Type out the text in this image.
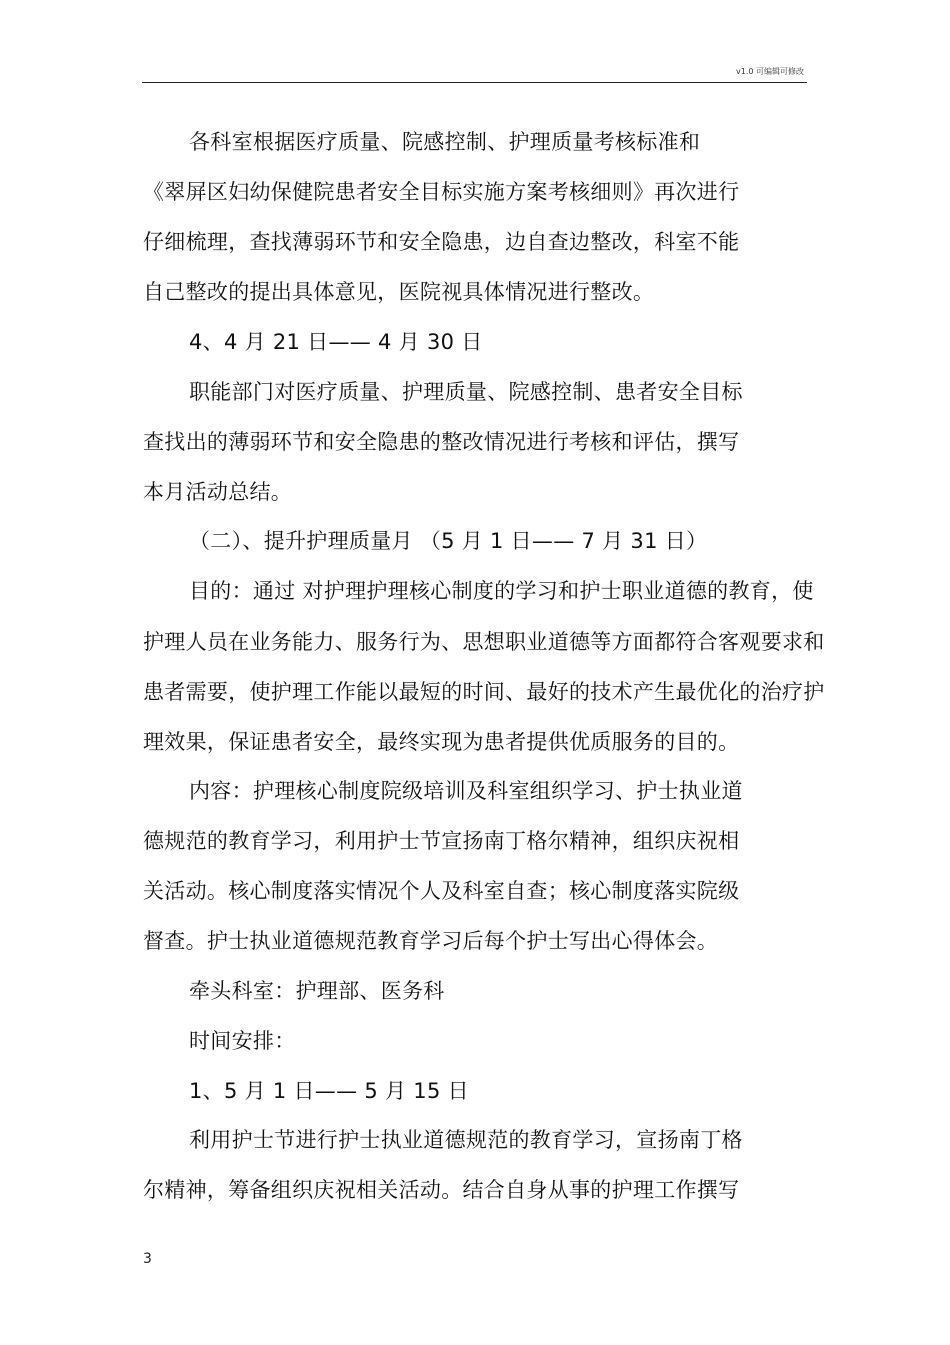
v1.0 可编辑可修改
各科室根据医疗质量、院感控制、护理质量考核标准和
《翠屏区妇幼保健院患者安全目标实施方案考核细则》再次进行
仔细梳理，查找薄弱环节和安全隐患，边自查边整改，科室不能
自己整改的提出具体意见，医院视具体情况进行整改。
4、4 月 21 日—— 4 月 30 日
职能部门对医疗质量、护理质量、院感控制、患者安全目标
查找出的薄弱环节和安全隐患的整改情况进行考核和评估，撰写
本月活动总结。
（二）、提升护理质量月 （5 月 1 日—— 7 月 31 日）
目的：通过 对护理护理核心制度的学习和护士职业道德的教育，使
护理人员在业务能力、服务行为、思想职业道德等方面都符合客观要求和
患者需要，使护理工作能以最短的时间、最好的技术产生最优化的治疗护
理效果，保证患者安全，最终实现为患者提供优质服务的目的。
内容：护理核心制度院级培训及科室组织学习、护士执业道
德规范的教育学习，利用护士节宣扬南丁格尔精神，组织庆祝相
关活动。核心制度落实情况个人及科室自查；核心制度落实院级
督查。护士执业道德规范教育学习后每个护士写出心得体会。
牵头科室：护理部、医务科
时间安排：
1、5 月 1 日—— 5 月 15 日
利用护士节进行护士执业道德规范的教育学习，宣扬南丁格
尔精神，筹备组织庆祝相关活动。结合自身从事的护理工作撰写
3
